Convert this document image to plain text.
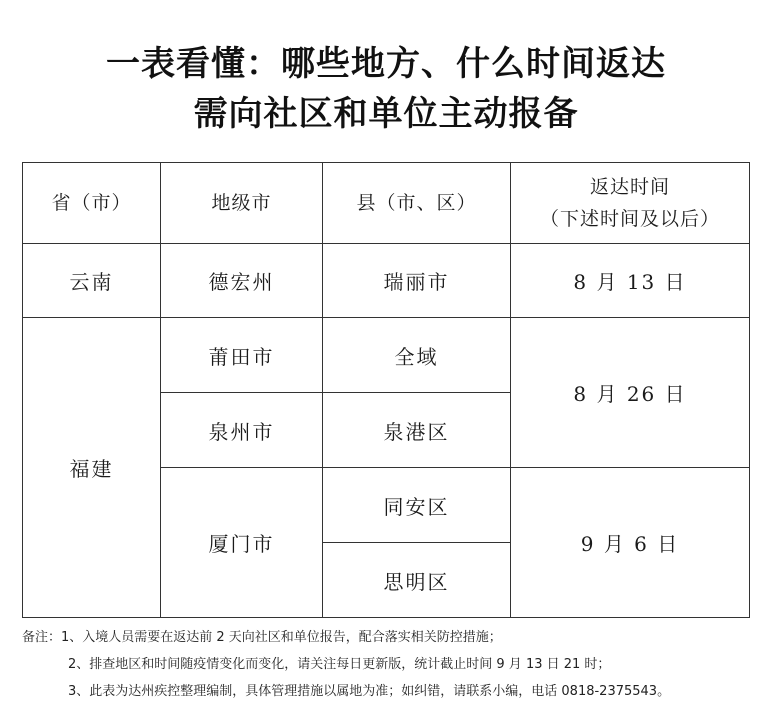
一表看懂：哪些地方、什么时间返达
需向社区和单位主动报备
省（市）	地级市	县（市、区）	返达时间
（下述时间及以后）

云南	德宏州	瑞丽市	8 月 13 日
福建	莆田市	全域	8 月 26 日
	泉州市	泉港区	
	厦门市	同安区	9 月 6 日
		思明区	
备注：1、入境人员需要在返达前 2 天向社区和单位报告，配合落实相关防控措施；
2、排查地区和时间随疫情变化而变化，请关注每日更新版，统计截止时间 9 月 13 日 21 时；
3、此表为达州疾控整理编制，具体管理措施以属地为准；如纠错，请联系小编，电话 0818-2375543。
